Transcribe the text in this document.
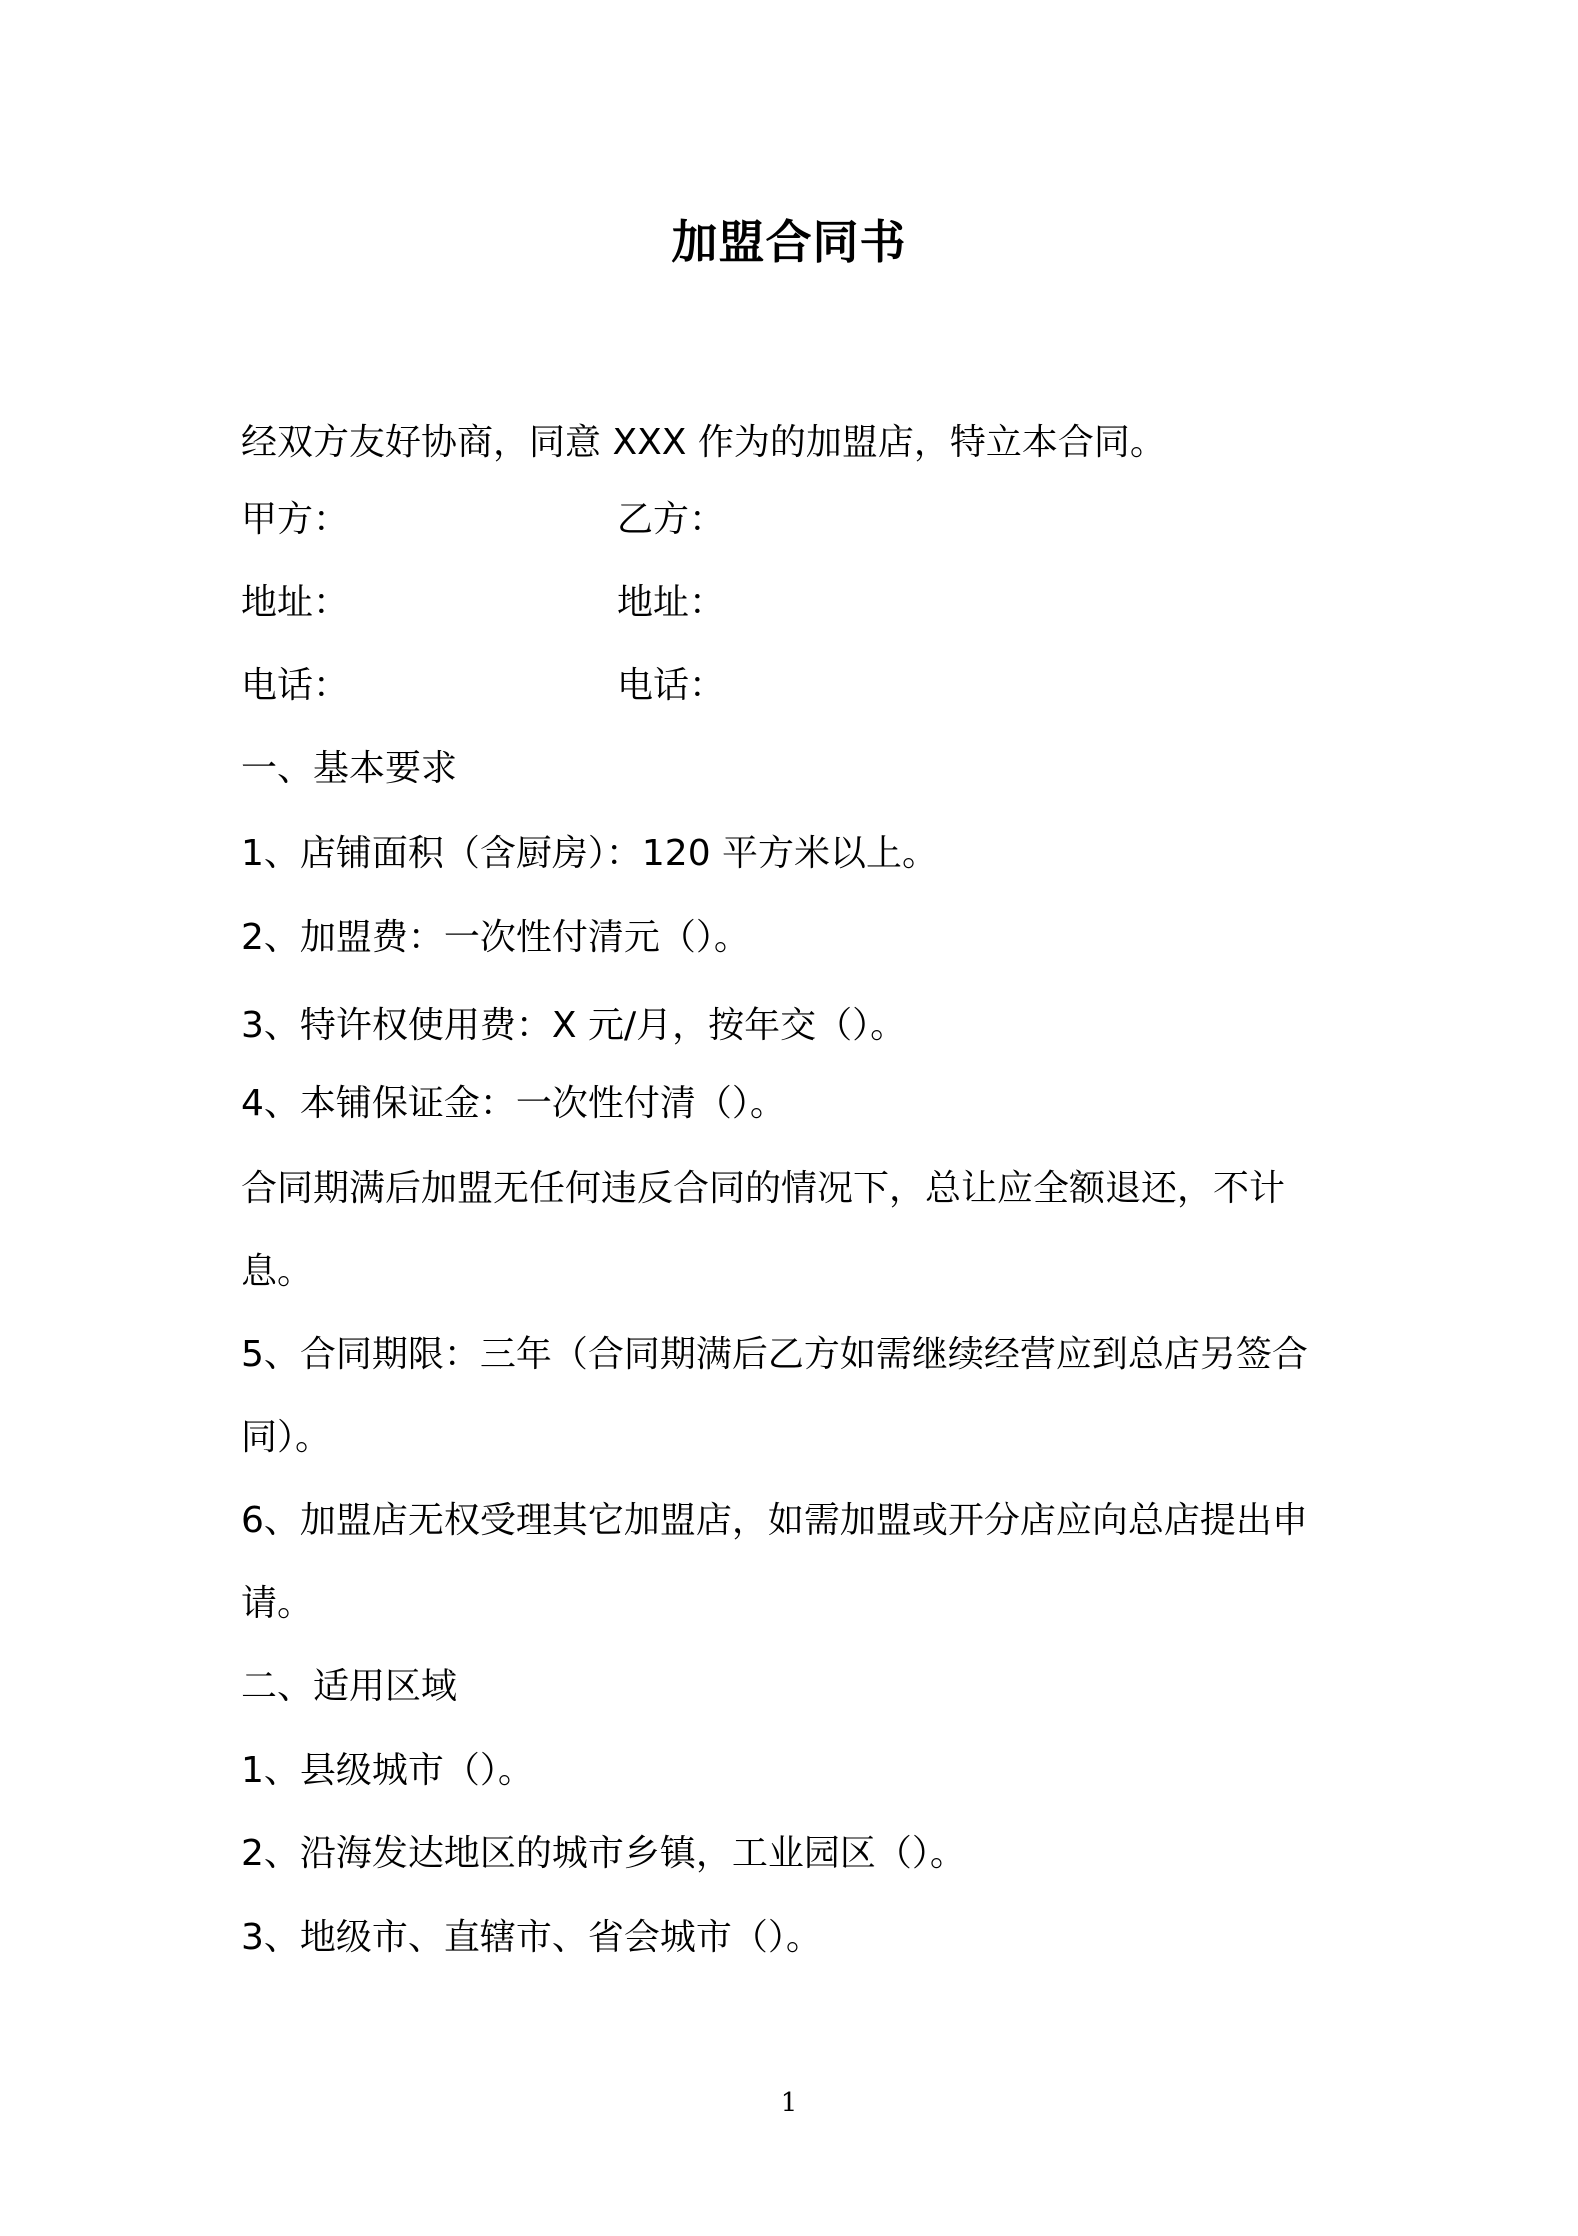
加盟合同书
经双方友好协商，同意 XXX 作为的加盟店，特立本合同。
甲方：	乙方：
地址：	地址：
电话：	电话：
一、基本要求
1、店铺面积（含厨房）：120 平方米以上。
2、加盟费：一次性付清元（）。
3、特许权使用费：X 元/月，按年交（）。
4、本铺保证金：一次性付清（）。
合同期满后加盟无任何违反合同的情况下，总让应全额退还，不计
息。
5、合同期限：三年（合同期满后乙方如需继续经营应到总店另签合
同）。
6、加盟店无权受理其它加盟店，如需加盟或开分店应向总店提出申
请。
二、适用区域
1、县级城市（）。
2、沿海发达地区的城市乡镇，工业园区（）。
3、地级市、直辖市、省会城市（）。
1
